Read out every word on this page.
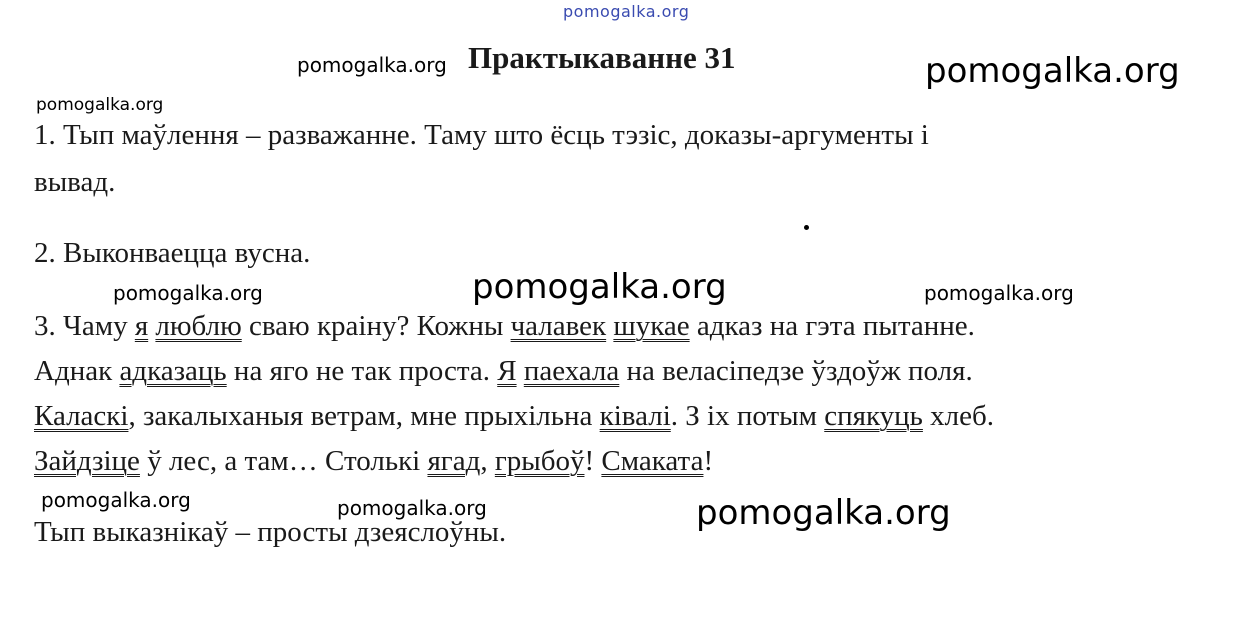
pomogalka.org
pomogalka.org Практыкаванне 31	pomogalka.org
pomogalka.org
1. Тып маўлення – разважанне. Таму што ёсць тэзіс, доказы-аргументы і
вывад.
2. Выконваецца вусна.
pomogalka.org	pomogalka.org	pomogalka.org
3. Чаму я люблю сваю краіну? Кожны чалавек шукае адказ на гэта пытанне.
Аднак адказаць на яго не так проста. Я паехала на веласіпедзе ўздоўж поля.
Каласкі, закалыханыя ветрам, мне прыхільна ківалі. З іх потым спякуць хлеб.
Зайдзіце ў лес, а там… Столькі ягад, грыбоў! Смаката!
pomogalka.org	pomogalka.org	pomogalka.org
Тып выказнікаў – просты дзеяслоўны.
